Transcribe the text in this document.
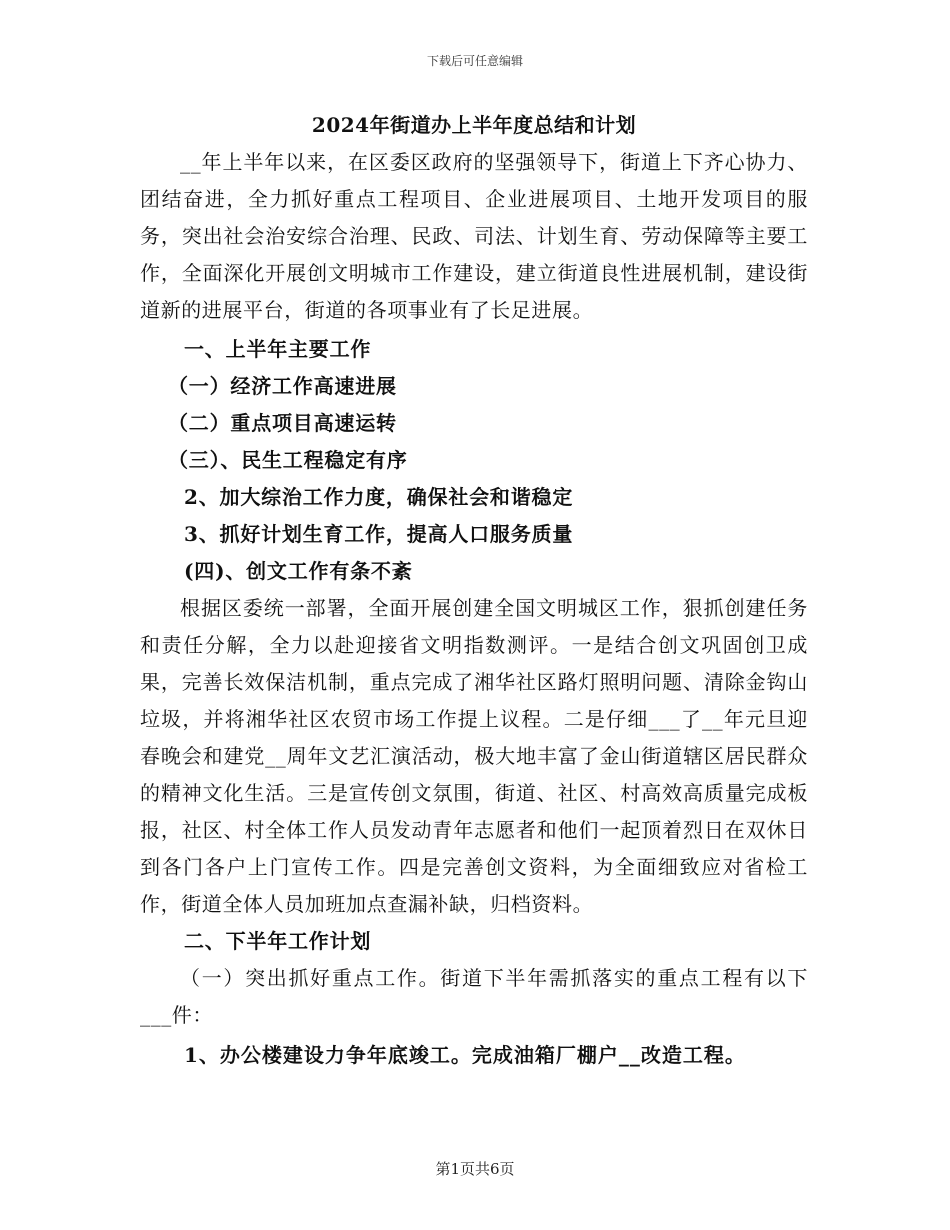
下载后可任意编辑
2024年街道办上半年度总结和计划

__年上半年以来，在区委区政府的坚强领导下，街道上下齐心协力、团结奋进，全力抓好重点工程项目、企业进展项目、土地开发项目的服务，突出社会治安综合治理、民政、司法、计划生育、劳动保障等主要工作，全面深化开展创文明城市工作建设，建立街道良性进展机制，建设街道新的进展平台，街道的各项事业有了长足进展。

一、上半年主要工作

（一）经济工作高速进展

（二）重点项目高速运转

（三）、民生工程稳定有序

2、加大综治工作力度，确保社会和谐稳定

3、抓好计划生育工作，提高人口服务质量

(四)、创文工作有条不紊

根据区委统一部署，全面开展创建全国文明城区工作，狠抓创建任务和责任分解，全力以赴迎接省文明指数测评。一是结合创文巩固创卫成果，完善长效保洁机制，重点完成了湘华社区路灯照明问题、清除金钩山垃圾，并将湘华社区农贸市场工作提上议程。二是仔细___了__年元旦迎春晚会和建党__周年文艺汇演活动，极大地丰富了金山街道辖区居民群众的精神文化生活。三是宣传创文氛围，街道、社区、村高效高质量完成板报，社区、村全体工作人员发动青年志愿者和他们一起顶着烈日在双休日到各门各户上门宣传工作。四是完善创文资料，为全面细致应对省检工作，街道全体人员加班加点查漏补缺，归档资料。

二、下半年工作计划

（一）突出抓好重点工作。街道下半年需抓落实的重点工程有以下___件：

1、办公楼建设力争年底竣工。完成油箱厂棚户__改造工程。

第1页共6页
